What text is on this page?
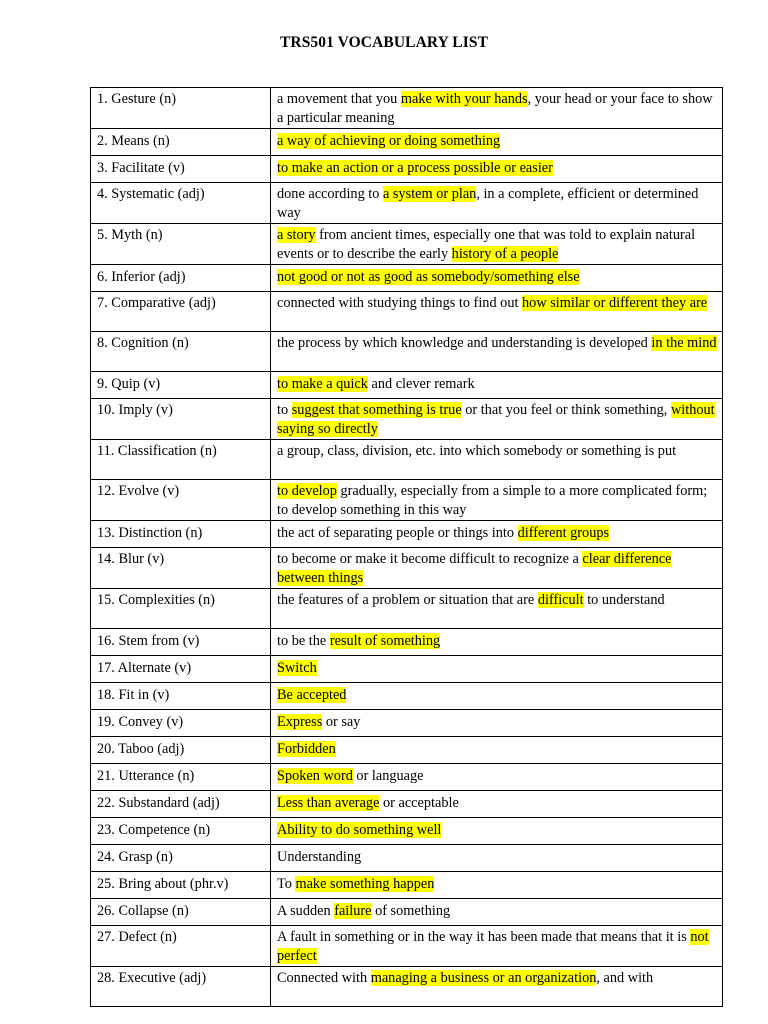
TRS501 VOCABULARY LIST
1. Gesture (n)	a movement that you make with your hands, your head or your face to show a particular meaning
2. Means (n)	a way of achieving or doing something
3. Facilitate (v)	to make an action or a process possible or easier
4. Systematic (adj)	done according to a system or plan, in a complete, efficient or determined way
5. Myth (n)	a story from ancient times, especially one that was told to explain natural events or to describe the early history of a people
6. Inferior (adj)	not good or not as good as somebody/something else
7. Comparative (adj)	connected with studying things to find out how similar or different they are
8. Cognition (n)	the process by which knowledge and understanding is developed in the mind
9. Quip (v)	to make a quick and clever remark
10. Imply (v)	to suggest that something is true or that you feel or think something, without saying so directly
11. Classification (n)	a group, class, division, etc. into which somebody or something is put
12. Evolve (v)	to develop gradually, especially from a simple to a more complicated form; to develop something in this way
13. Distinction (n)	the act of separating people or things into different groups
14. Blur (v)	to become or make it become difficult to recognize a clear difference between things
15. Complexities (n)	the features of a problem or situation that are difficult to understand
16. Stem from (v)	to be the result of something
17. Alternate (v)	Switch
18. Fit in (v)	Be accepted
19. Convey (v)	Express or say
20. Taboo (adj)	Forbidden
21. Utterance (n)	Spoken word or language
22. Substandard (adj)	Less than average or acceptable
23. Competence (n)	Ability to do something well
24. Grasp (n)	Understanding
25. Bring about (phr.v)	To make something happen
26. Collapse (n)	A sudden failure of something
27. Defect (n)	A fault in something or in the way it has been made that means that it is not perfect
28. Executive (adj)	Connected with managing a business or an organization, and with
